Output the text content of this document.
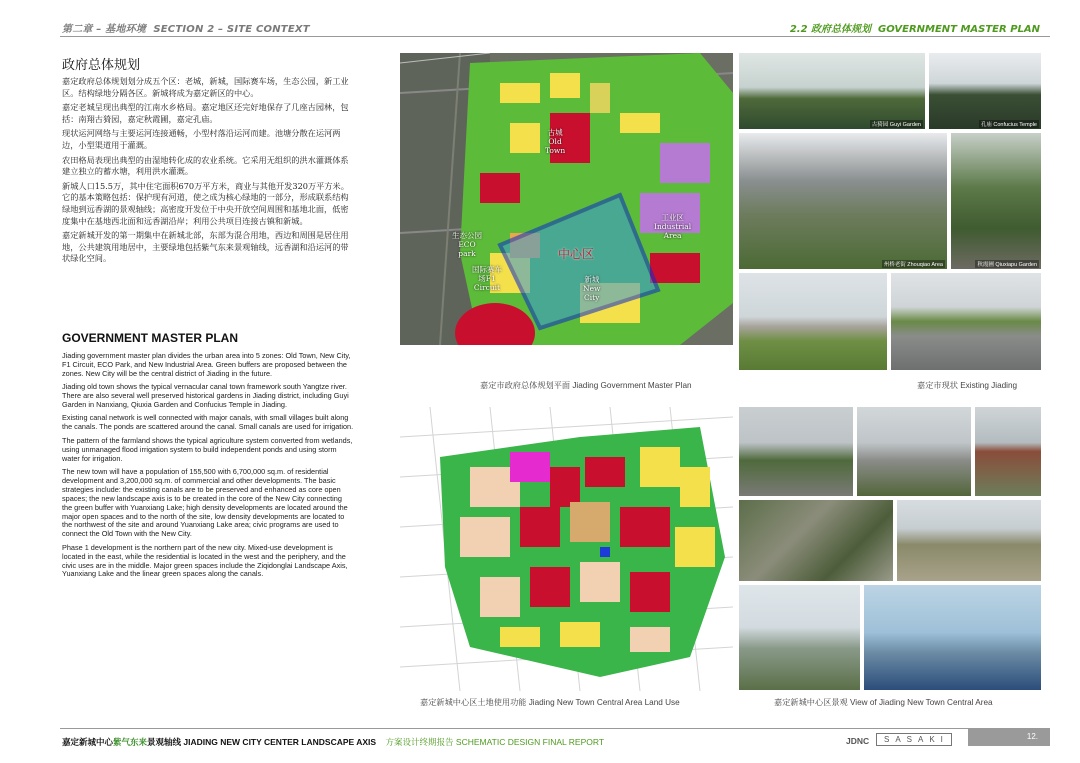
第二章 – 基地环境 SECTION 2 – SITE CONTEXT	2.2 政府总体规划 GOVERNMENT MASTER PLAN
政府总体规划

嘉定政府总体规划划分成五个区：老城，新城，国际赛车场，生态公园，新工业区。结构绿地分隔各区。新城将成为嘉定新区的中心。

嘉定老城呈现出典型的江南水乡格局。嘉定地区还完好地保存了几座古园林，包括：南翔古猗园，嘉定秋霞圃，嘉定孔庙。

现状运河网络与主要运河连接通畅，小型村落沿运河而建。池塘分散在运河两边，小型渠道用于灌溉。

农田格局表现出典型的由湿地转化成的农业系统。它采用无组织的洪水灌溉体系建立独立的蓄水塘，利用洪水灌溉。

新城人口15.5万，其中住宅面积670万平方米，商业与其他开发320万平方米。它的基本策略包括：保护现有河道，使之成为核心绿地的一部分，形成联系结构绿地到远香湖的景观轴线；高密度开发位于中央开放空间周围和基地北面，低密度集中在基地西北面和远香湖沿岸；利用公共项目连接古镇和新城。

嘉定新城开发的第一期集中在新城北部，东部为混合用地，西边和周围是居住用地，公共建筑用地居中，主要绿地包括紫气东来景观轴线，远香湖和沿运河的带状绿化空间。

GOVERNMENT MASTER PLAN

Jiading government master plan divides the urban area into 5 zones: Old Town, New City, F1 Circuit, ECO Park, and New Industrial Area. Green buffers are proposed between the zones. New City will be the central district of Jiading in the future.

Jiading old town shows the typical vernacular canal town framework south Yangtze river. There are also several well preserved historical gardens in Jiading district, including Guyi Garden in Nanxiang, Qiuxia Garden and Confucius Temple in Jiading.

Existing canal network is well connected with major canals, with small villages built along the canals. The ponds are scattered around the canal. Small canals are used for irrigation.

The pattern of the farmland shows the typical agriculture system converted from wetlands, using unmanaged flood irrigation system to build independent ponds and using storm water for irrigation.

The new town will have a population of 155,500 with 6,700,000 sq.m. of residential development and 3,200,000 sq.m. of commercial and other developments. The basic strategies include: the existing canals are to be preserved and enhanced as core open spaces; the new landscape axis is to be created in the core of the New City connecting the green buffer with Yuanxiang Lake; high density developments are located around the major open spaces and to the north of the site, low density developments are located to the northwest of the site and around Yuanxiang Lake area; civic programs are used to connect the Old Town with the New City.

Phase 1 development is the northern part of the new city. Mixed-use development is located in the east, while the residential is located in the west and the periphery, and the civic uses are in the middle. Major green spaces include the Ziqidonglai Landscape Axis, Yuanxiang Lake and the linear green spaces along the canals.

古城
Old
Town
生态公园
ECO
park
国际赛车
场F1
Circuit
中心区
新城
New
City
工业区
Industrial
Area
古猗园 Guyi Garden	孔庙 Confucius Temple
州桥老街 Zhouqiao Area	秋霞圃 Qiuxiapu Garden
嘉定市政府总体规划平面 Jiading Government Master Plan	嘉定市现状 Existing Jiading
嘉定新城中心区土地使用功能 Jiading New Town Central Area Land Use	嘉定新城中心区景观 View of Jiading New Town Central Area
嘉定新城中心紫气东来景观轴线 JIADING NEW CITY CENTER LANDSCAPE AXIS 方案设计终期报告 SCHEMATIC DESIGN FINAL REPORT	JDNC	SASAKI	12.
